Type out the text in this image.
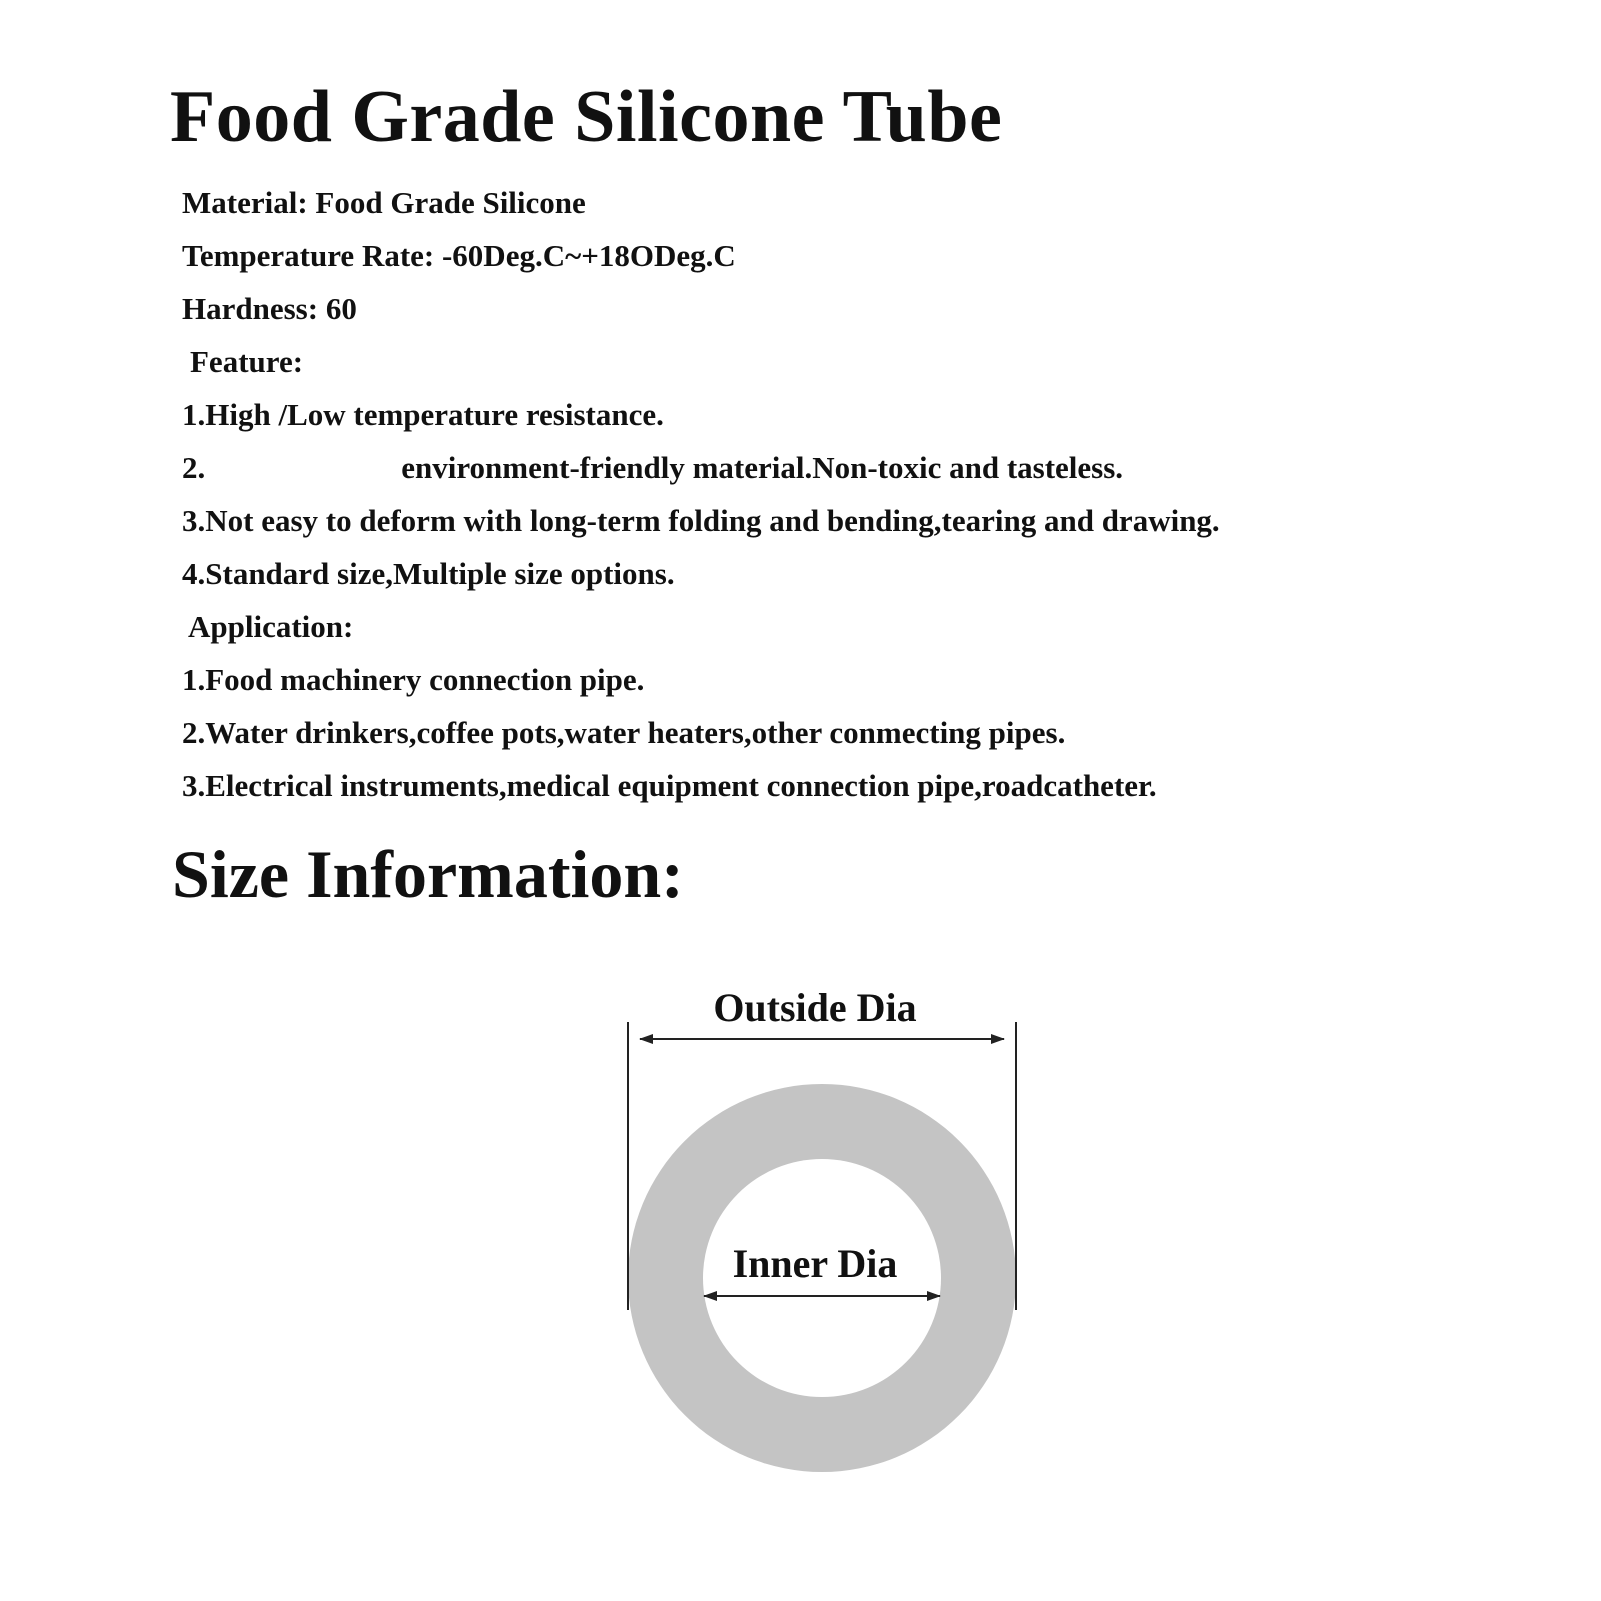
Food Grade Silicone Tube

Material: Food Grade Silicone

Temperature Rate: -60Deg.C~+18ODeg.C

Hardness: 60

Feature:

1.High /Low temperature resistance.

2.	environment-friendly material.Non-toxic and tasteless.

3.Not easy to deform with long-term folding and bending,tearing and drawing.

4.Standard size,Multiple size options.

Application:

1.Food machinery connection pipe.

2.Water drinkers,coffee pots,water heaters,other conmecting pipes.

3.Electrical instruments,medical equipment connection pipe,roadcatheter.

Size Information:
Outside Dia
Inner Dia
